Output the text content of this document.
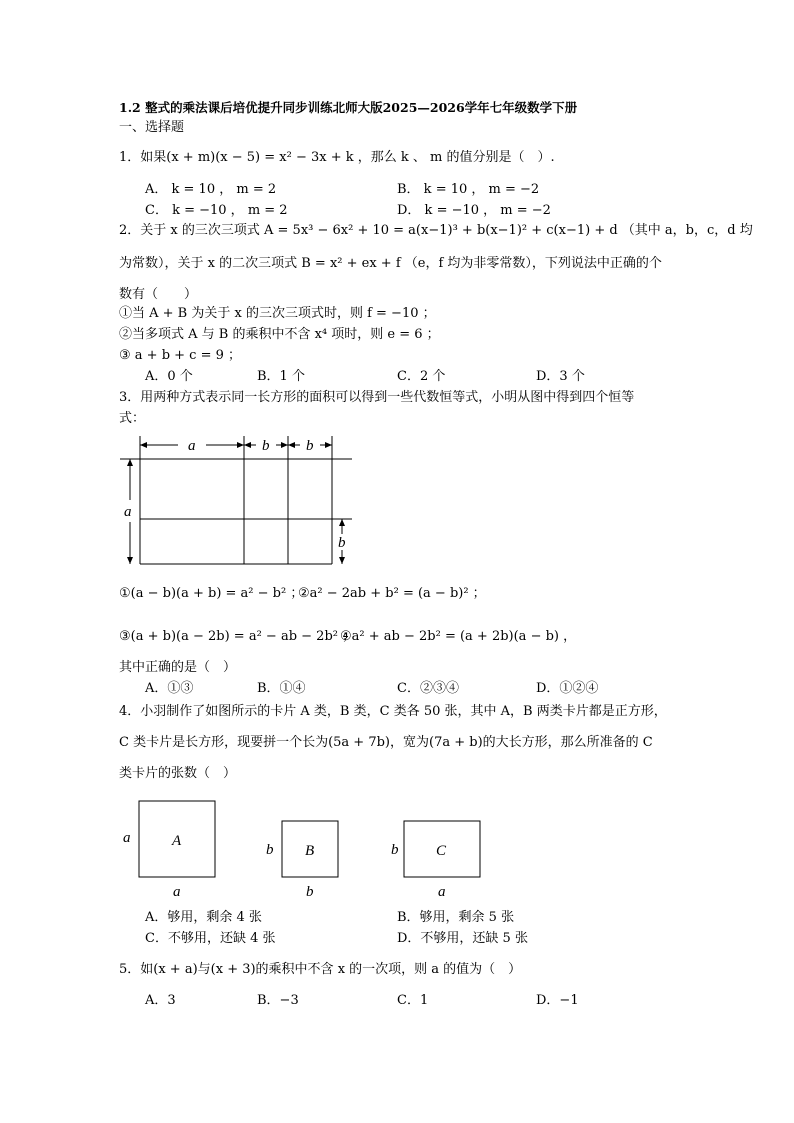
1.2 整式的乘法课后培优提升同步训练北师大版2025—2026学年七年级数学下册
一、选择题
1．如果(x + m)(x − 5) = x² − 3x + k ，那么 k 、 m 的值分别是（　）.
A． k = 10 ， m = 2	B． k = 10 ， m = −2
C． k = −10 ， m = 2	D． k = −10 ， m = −2
2．关于 x 的三次三项式 A = 5x³ − 6x² + 10 = a(x−1)³ + b(x−1)² + c(x−1) + d （其中 a，b，c，d 均
为常数），关于 x 的二次三项式 B = x² + ex + f （e，f 均为非零常数），下列说法中正确的个
数有（　　）
①当 A + B 为关于 x 的三次三项式时，则 f = −10 ；
②当多项式 A 与 B 的乘积中不含 x⁴ 项时，则 e = 6 ；
③ a + b + c = 9 ；
A．0 个	B．1 个	C．2 个	D．3 个
3．用两种方式表示同一长方形的面积可以得到一些代数恒等式，小明从图中得到四个恒等
式：
a	b b
a
b
①(a − b)(a + b) = a² − b² ；
②a² − 2ab + b² = (a − b)² ；
③(a + b)(a − 2b) = a² − ab − 2b² ；
④a² + ab − 2b² = (a + 2b)(a − b) ，
其中正确的是（　）
A．①③	B．①④	C．②③④	D．①②④
4．小羽制作了如图所示的卡片 A 类，B 类，C 类各 50 张，其中 A，B 两类卡片都是正方形，
C 类卡片是长方形，现要拼一个长为(5a + 7b)，宽为(7a + b)的大长方形，那么所准备的 C
类卡片的张数（　）
a	A
a
b B
b
b	C
a
A．够用，剩余 4 张	B．够用，剩余 5 张
C．不够用，还缺 4 张	D．不够用，还缺 5 张
5．如(x + a)与(x + 3)的乘积中不含 x 的一次项，则 a 的值为（　）
A．3	B．−3	C．1	D．−1
